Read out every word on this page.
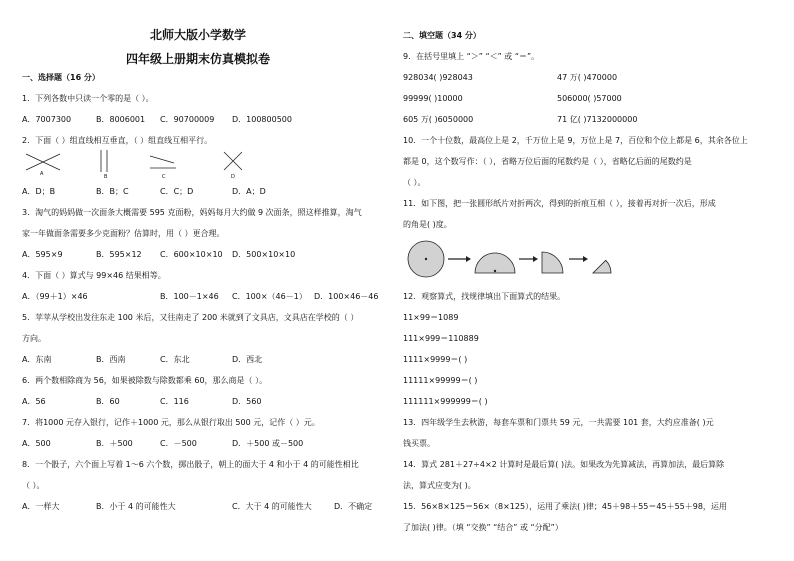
北师大版小学数学
四年级上册期末仿真模拟卷
一、选择题（16 分）
1．下列各数中只读一个零的是（ ）。
A．7007300	B．8006001 C．90700009 D．100800500
2．下面（ ）组直线相互垂直，（ ）组直线互相平行。
A	B	C	D
A．D；B	B．B；C	C．C；D	D．A；D
3．淘气的妈妈做一次面条大概需要 595 克面粉，妈妈每月大约做 9 次面条，照这样推算，淘气
家一年做面条需要多少克面粉？估算时，用（ ）更合理。
A．595×9	B．595×12 C．600×10×10 D．500×10×10
4．下面（ ）算式与 99×46 结果相等。
A．（99＋1）×46	B．100－1×46 C．100×（46－1） D．100×46－46
5．苹苹从学校出发往东走 100 米后，又往南走了 200 米就到了文具店，文具店在学校的（ ）
方向。
A．东南	B．西南	C．东北	D．西北
6．两个数相除商为 56，如果被除数与除数都乘 60，那么商是（ ）。
A．56	B．60	C．116	D．560
7．将1000 元存入银行，记作＋1000 元，那么从银行取出 500 元，记作（ ）元。
A．500	B．＋500	C．－500	D．＋500 或－500
8．一个骰子，六个面上写着 1～6 六个数，掷出骰子，朝上的面大于 4 和小于 4 的可能性相比
（ ）。
A．一样大	B．小于 4 的可能性大	C．大于 4 的可能性大	D．不确定
二、填空题（34 分）
9．在括号里填上 “＞” “＜” 或 “＝”。
928034( )928043	47 万( )470000
99999( )10000	506000( )57000
605 万( )6050000	71 亿( )7132000000
10．一个十位数，最高位上是 2，千万位上是 9，万位上是 7，百位和个位上都是 6，其余各位上
都是 0，这个数写作：（ ），省略万位后面的尾数约是（ ），省略亿后面的尾数约是
（ ）。
11．如下图，把一张圆形纸片对折两次，得到的折痕互相（ ），接着再对折一次后，形成
的角是( )度。
12．观察算式，找规律填出下面算式的结果。
11×99＝1089
111×999＝110889
1111×9999＝( )
11111×99999＝( )
111111×999999＝( )
13．四年级学生去秋游，每套车票和门票共 59 元，一共需要 101 套，大约应准备( )元
钱买票。
14．算式 281＋27÷4×2 计算时是最后算( )法。如果改为先算减法，再算加法，最后算除
法，算式应变为( )。
15．56×8×125＝56×（8×125），运用了乘法( )律；45＋98＋55＝45＋55＋98，运用
了加法( )律。（填 “交换” “结合” 或 “分配”）
